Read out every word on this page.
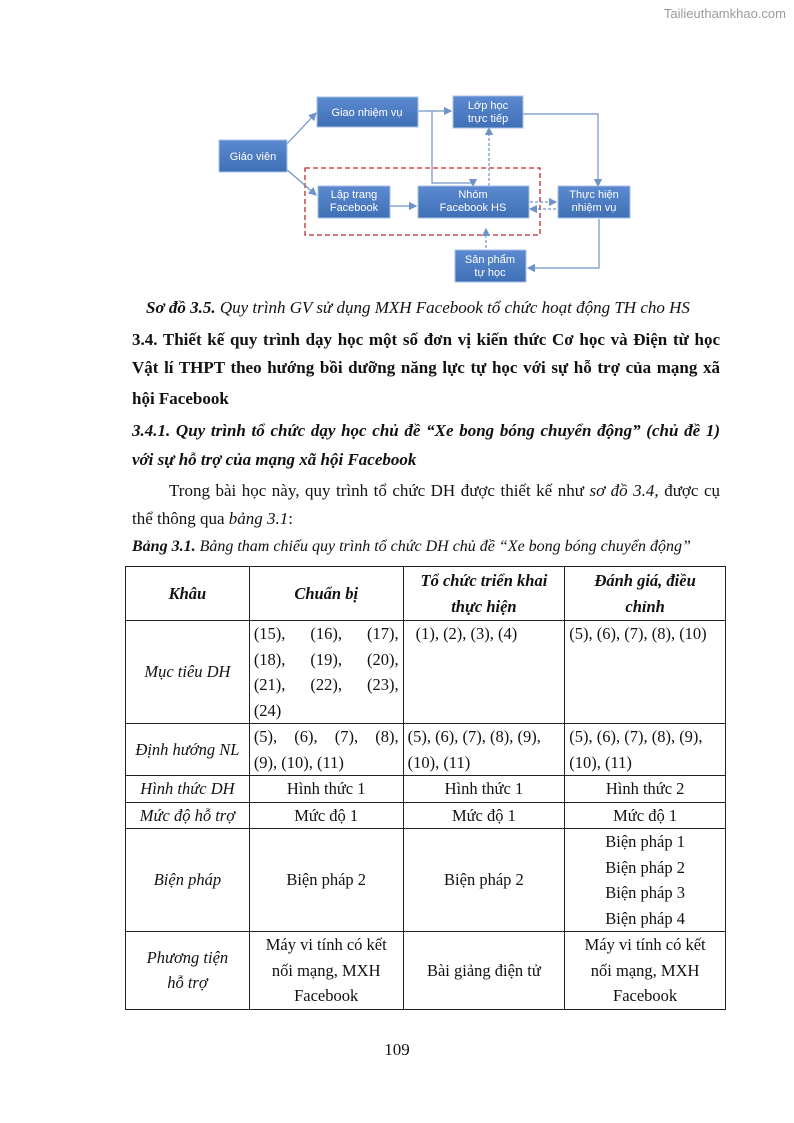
Tailieuthamkhao.com
Giáo viên
Giao nhiệm vụ
Lớp học
trực tiếp
Lập trang
Facebook
Nhóm
Facebook HS
Thực hiện
nhiệm vụ
Sản phẩm
tự học
Sơ đồ 3.5. Quy trình GV sử dụng MXH Facebook tổ chức hoạt động TH cho HS
3.4. Thiết kế quy trình dạy học một số đơn vị kiến thức Cơ học và Điện từ học
Vật lí THPT theo hướng bồi dưỡng năng lực tự học với sự hỗ trợ của mạng xã
hội Facebook
3.4.1. Quy trình tổ chức dạy học chủ đề “Xe bong bóng chuyển động” (chủ đề 1)
với sự hỗ trợ của mạng xã hội Facebook
Trong bài học này, quy trình tổ chức DH được thiết kế như sơ đồ 3.4, được cụ
thể thông qua bảng 3.1:
Bảng 3.1. Bảng tham chiếu quy trình tổ chức DH chủ đề “Xe bong bóng chuyển động”
Khâu	Chuẩn bị	Tổ chức triển khai
thực hiện	Đánh giá, điều
chỉnh

Mục tiêu DH	(15), (16), (17),
(18), (19), (20),
(21), (22), (23),
(24)	(1), (2), (3), (4)	(5), (6), (7), (8), (10)
Định hướng NL	(5), (6), (7), (8),
(9), (10), (11)	(5), (6), (7), (8), (9),
(10), (11)	(5), (6), (7), (8), (9),
(10), (11)

Hình thức DH	Hình thức 1	Hình thức 1	Hình thức 2
Mức độ hỗ trợ	Mức độ 1	Mức độ 1	Mức độ 1
Biện pháp	Biện pháp 2	Biện pháp 2	Biện pháp 1
Biện pháp 2
Biện pháp 3
Biện pháp 4

Phương tiện
hỗ trợ	Máy vi tính có kết
nối mạng, MXH
Facebook	Bài giảng điện tử	Máy vi tính có kết
nối mạng, MXH
Facebook
109
